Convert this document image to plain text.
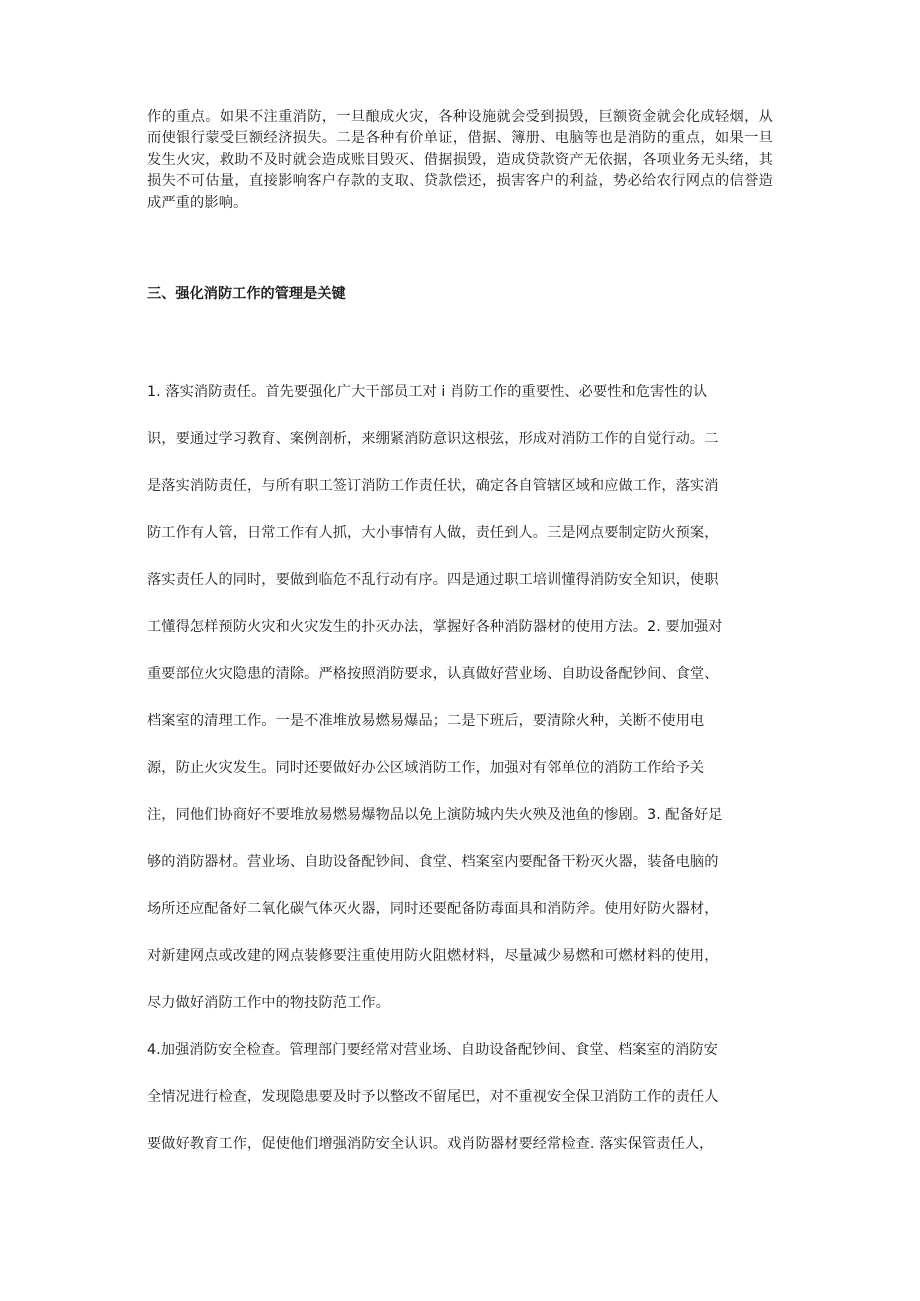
作的重点。如果不注重消防，一旦酿成火灾，各种设施就会受到损毁，巨额资金就会化成轻烟，从而使银行蒙受巨额经济损失。二是各种有价单证，借据、簿册、电脑等也是消防的重点，如果一旦发生火灾，救助不及时就会造成账目毁灭、借据损毁，造成贷款资产无依据，各项业务无头绪，其损失不可估量，直接影响客户存款的支取、贷款偿还，损害客户的利益，势必给农行网点的信誉造成严重的影响。

三、强化消防工作的管理是关键
1. 落实消防责任。首先要强化广大干部员工对 i 肖防工作的重要性、必要性和危害性的认
识，要通过学习教育、案例剖析，来绷紧消防意识这根弦，形成对消防工作的自觉行动。二
是落实消防责任，与所有职工签订消防工作责任状，确定各自管辖区域和应做工作，落实消
防工作有人管，日常工作有人抓，大小事情有人做，责任到人。三是网点要制定防火预案，
落实责任人的同时，要做到临危不乱行动有序。四是通过职工培训懂得消防安全知识，使职
工懂得怎样预防火灾和火灾发生的扑灭办法，掌握好各种消防器材的使用方法。2. 要加强对
重要部位火灾隐患的清除。严格按照消防要求，认真做好营业场、自助设备配钞间、食堂、
档案室的清理工作。一是不准堆放易燃易爆品；二是下班后，要清除火种，关断不使用电
源，防止火灾发生。同时还要做好办公区域消防工作，加强对有邻单位的消防工作给予关
注，同他们协商好不要堆放易燃易爆物品以免上演防城内失火殃及池鱼的惨剧。3. 配备好足
够的消防器材。营业场、自助设备配钞间、食堂、档案室内要配备干粉灭火器，装备电脑的
场所还应配备好二氧化碳气体灭火器，同时还要配备防毒面具和消防斧。使用好防火器材，
对新建网点或改建的网点装修要注重使用防火阻燃材料，尽量减少易燃和可燃材料的使用，
尽力做好消防工作中的物技防范工作。
4.加强消防安全检查。管理部门要经常对营业场、自助设备配钞间、食堂、档案室的消防安
全情况进行检查，发现隐患要及时予以整改不留尾巴，对不重视安全保卫消防工作的责任人
要做好教育工作，促使他们增强消防安全认识。戏肖防器材要经常检查. 落实保管责任人，
